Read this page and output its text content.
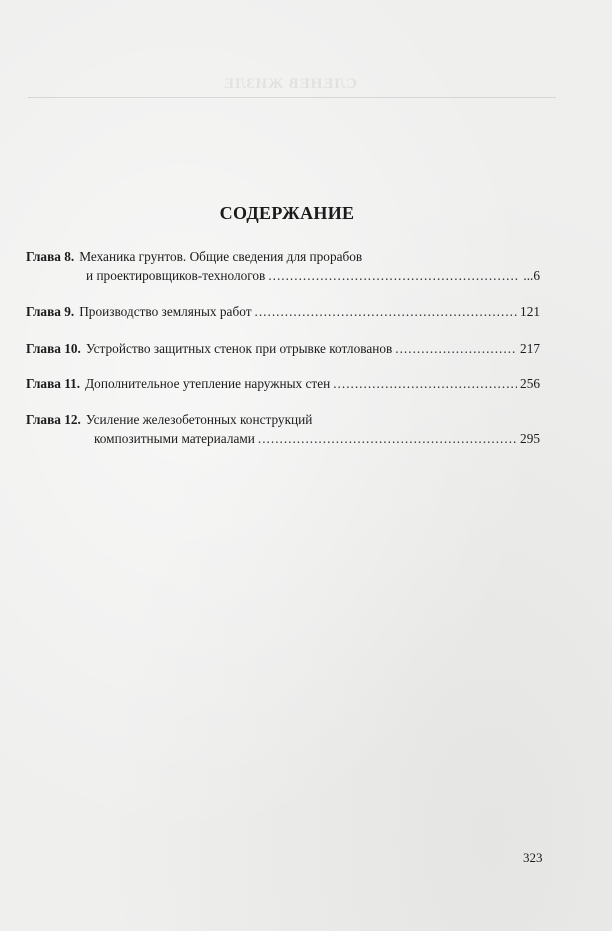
СЛЕНЕВ ЖИЗЛЕ
СОДЕРЖАНИЕ
Глава 8. Механика грунтов. Общие сведения для прорабов
и проектировщиков-технологов .....	...6
Глава 9. Производство земляных работ .....	121
Глава 10. Устройство защитных стенок при отрывке котлованов .....	217
Глава 11. Дополнительное утепление наружных стен .....	256
Глава 12. Усиление железобетонных конструкций
композитными материалами .....	295
323
